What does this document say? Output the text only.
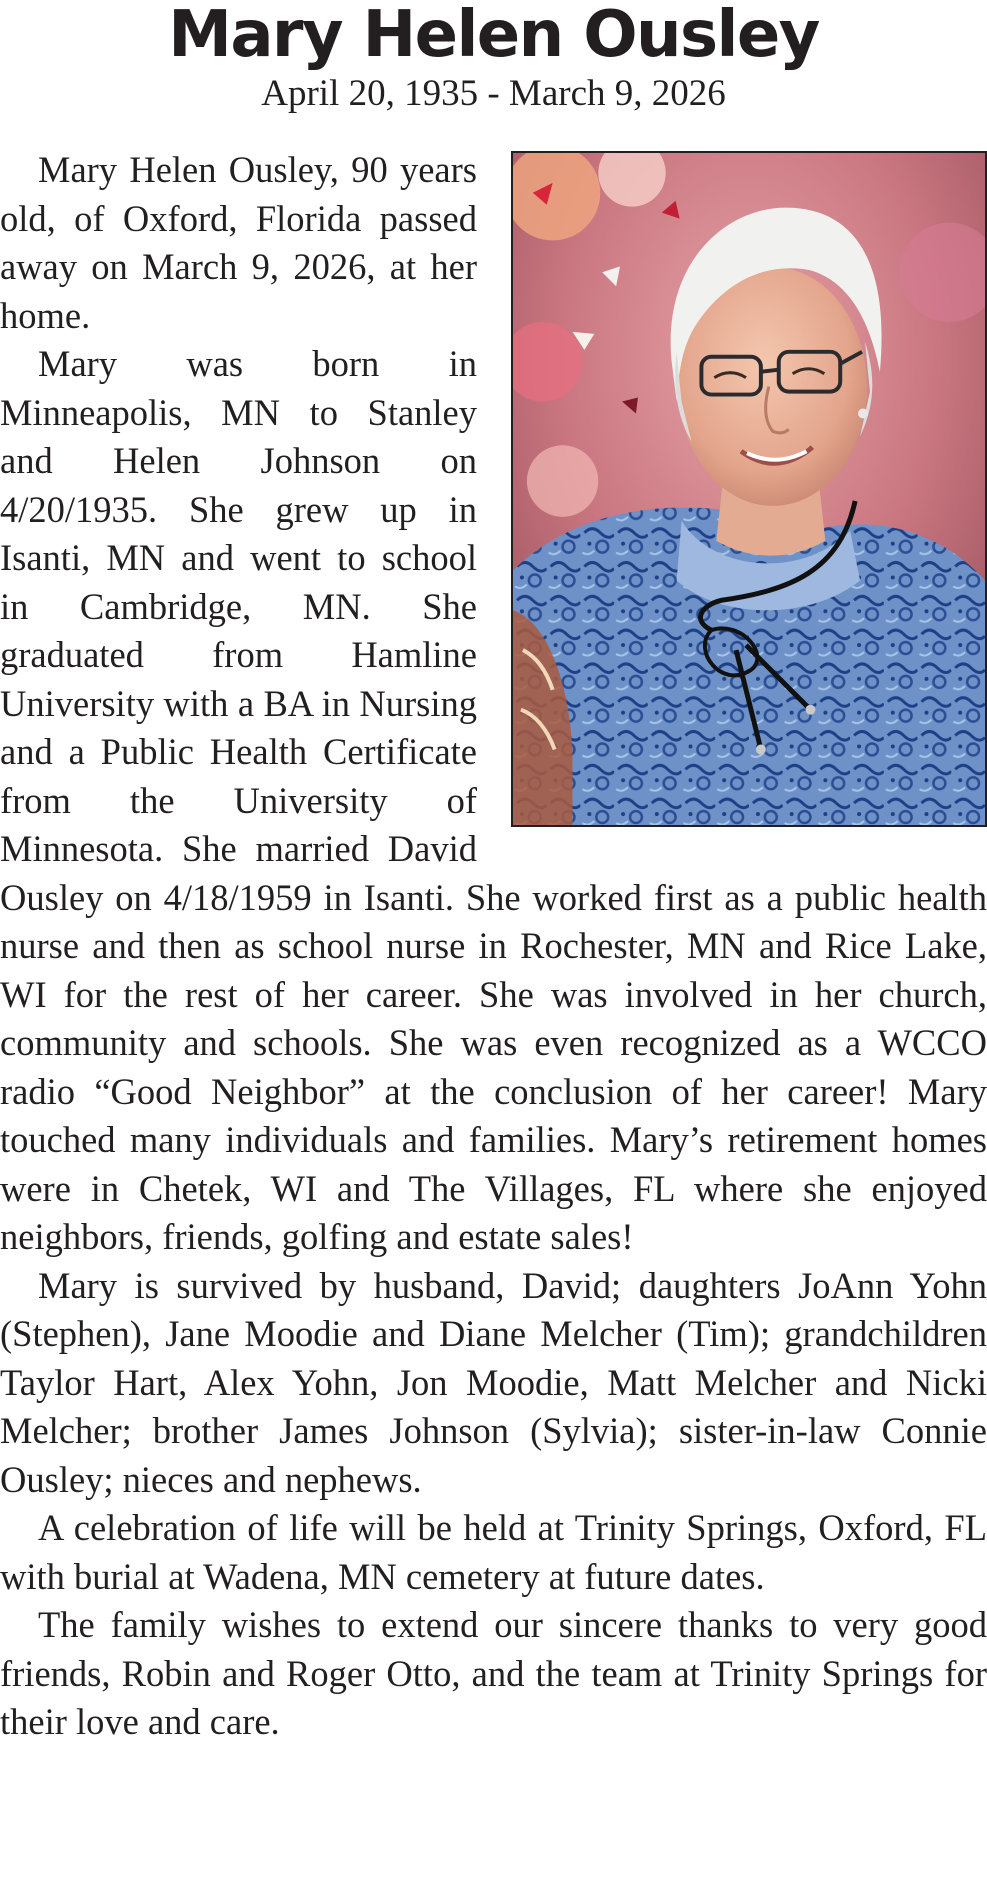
Mary Helen Ousley
April 20, 1935 - March 9, 2026

Mary Helen Ousley, 90 years old, of Oxford, Florida passed away on March 9, 2026, at her home.

Mary was born in Minneapolis, MN to Stanley and Helen Johnson on 4/20/1935. She grew up in Isanti, MN and went to school in Cambridge, MN. She graduated from Hamline University with a BA in Nursing and a Public Health Certificate from the University of Minnesota. She married David Ousley on 4/18/1959 in Isanti. She worked first as a public health nurse and then as school nurse in Rochester, MN and Rice Lake, WI for the rest of her career. She was involved in her church, community and schools. She was even recognized as a WCCO radio “Good Neighbor” at the conclusion of her career! Mary touched many individuals and families. Mary’s retirement homes were in Chetek, WI and The Villages, FL where she enjoyed neighbors, friends, golfing and estate sales!

Mary is survived by husband, David; daughters JoAnn Yohn (Stephen), Jane Moodie and Diane Melcher (Tim); grandchildren Taylor Hart, Alex Yohn, Jon Moodie, Matt Melcher and Nicki Melcher; brother James Johnson (Sylvia); sister-in-law Connie Ousley; nieces and nephews.

A celebration of life will be held at Trinity Springs, Oxford, FL with burial at Wadena, MN cemetery at future dates.

The family wishes to extend our sincere thanks to very good friends, Robin and Roger Otto, and the team at Trinity Springs for their love and care.
